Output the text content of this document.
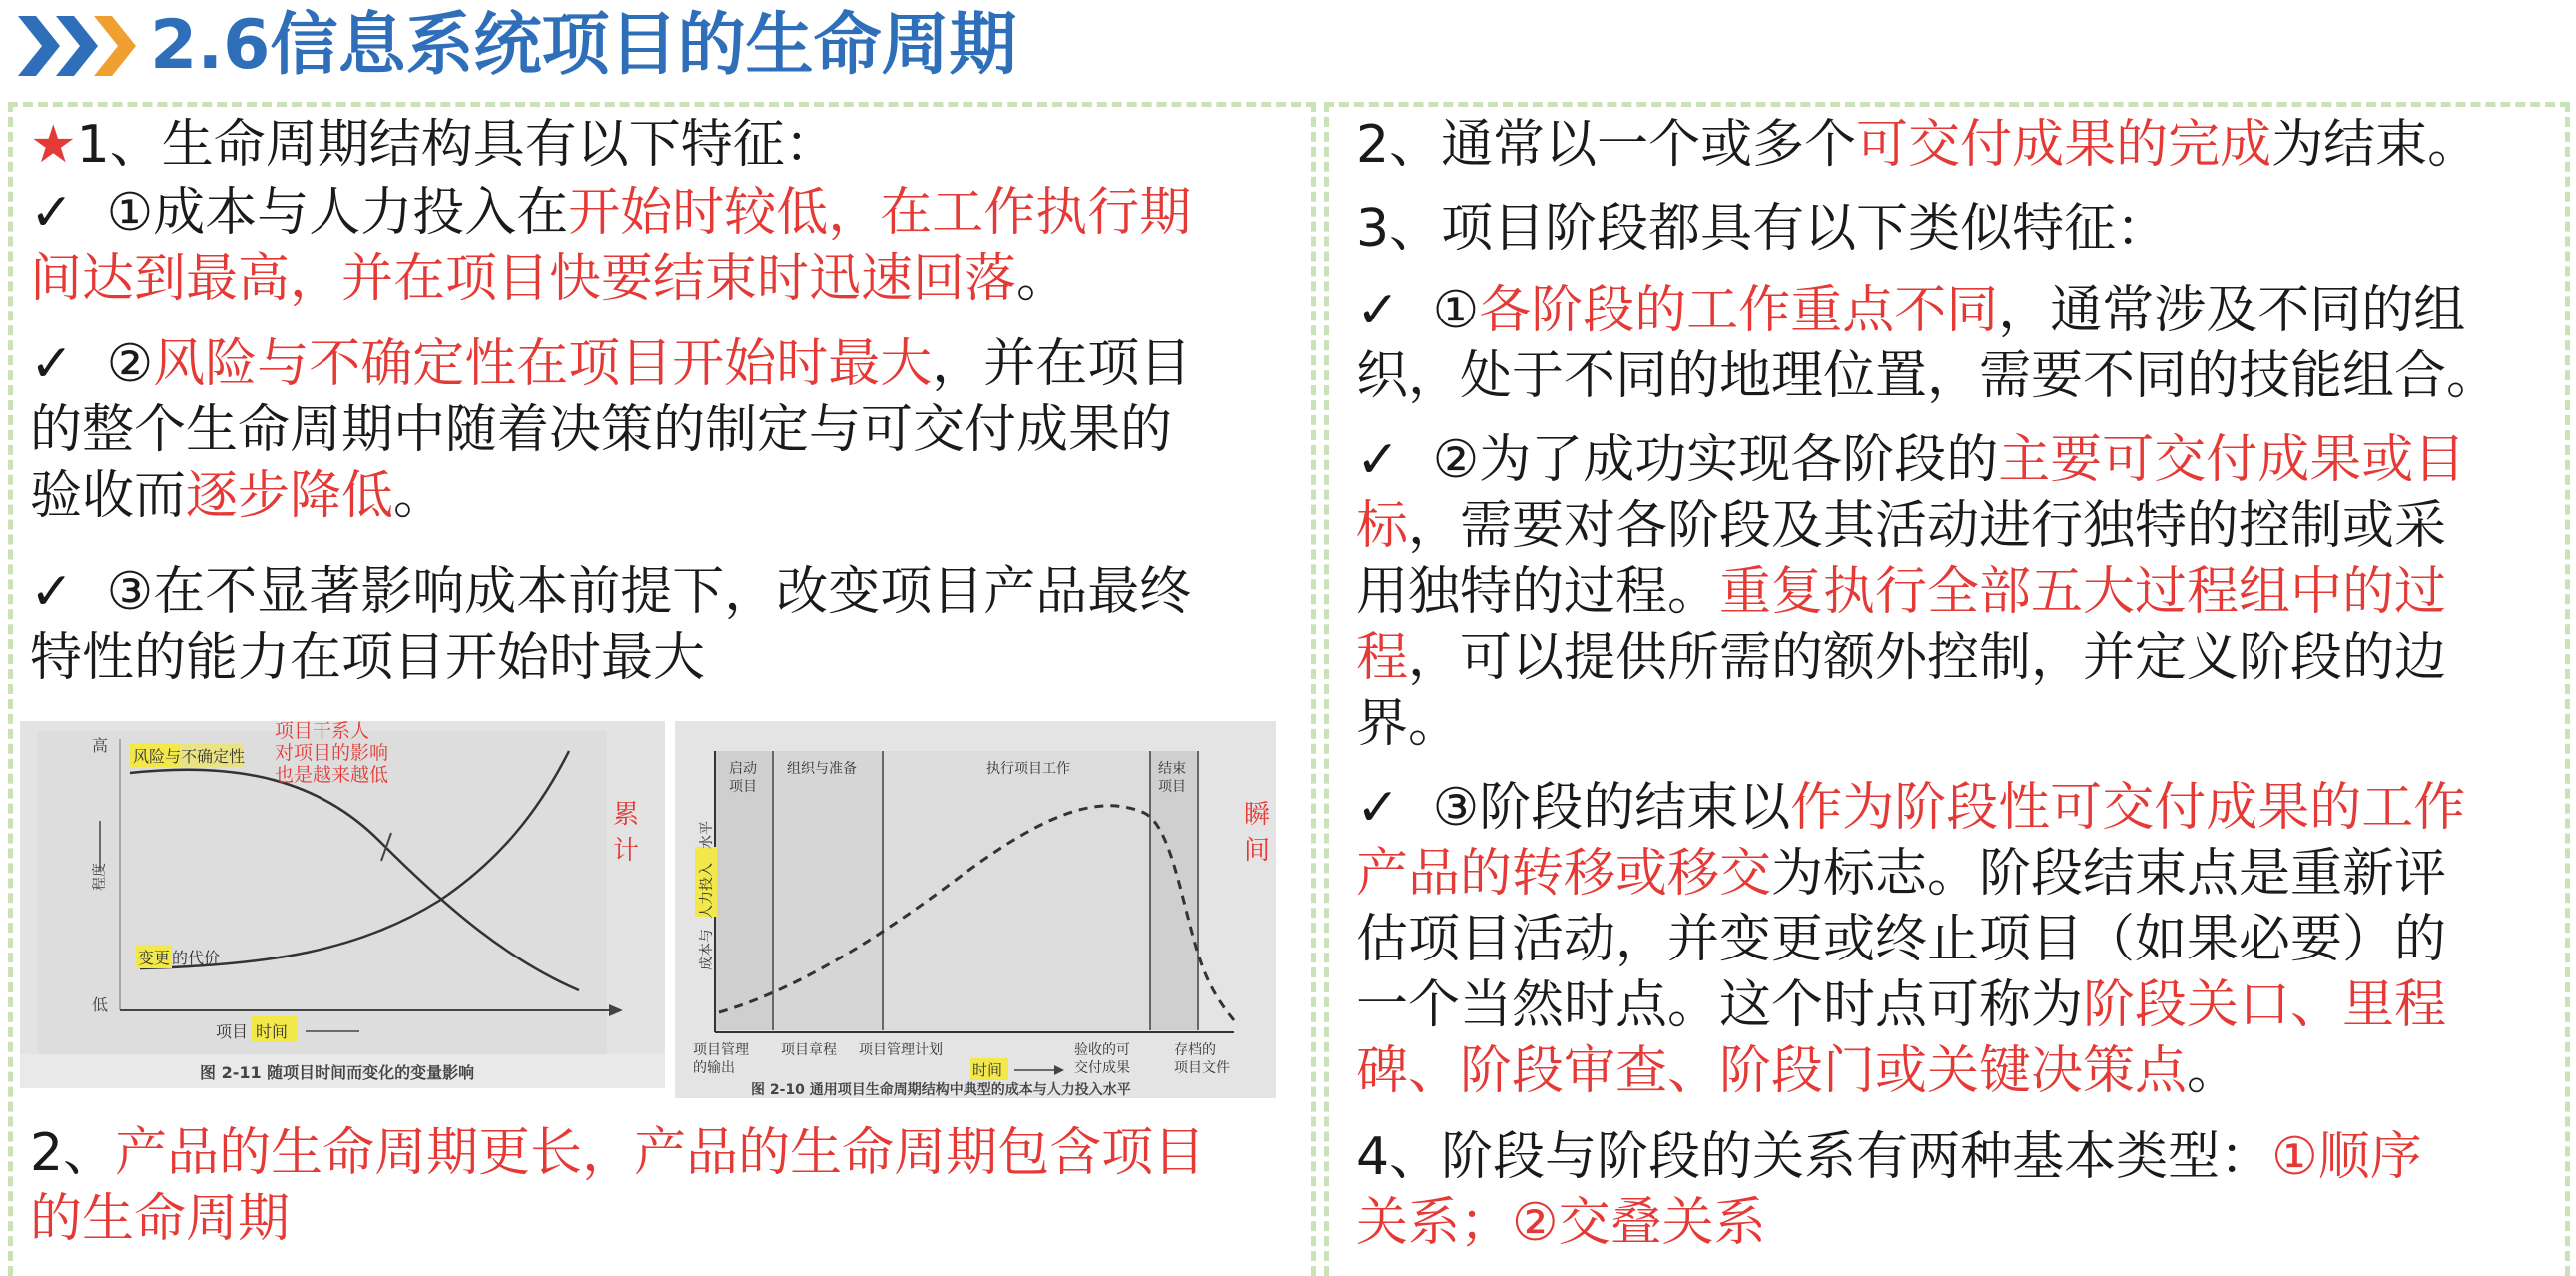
2.6信息系统项目的生命周期
★1、生命周期结构具有以下特征：
✓ ①成本与人力投入在开始时较低，在工作执行期
间达到最高，并在项目快要结束时迅速回落。
✓ ②风险与不确定性在项目开始时最大，并在项目
的整个生命周期中随着决策的制定与可交付成果的
验收而逐步降低。
✓ ③在不显著影响成本前提下，改变项目产品最终
特性的能力在项目开始时最大
风险与 不确定性
变更 的代价
项目干系人
对项目的影响
也是越来越低
高
低
程度
项目 时间
累
计
图 2-11 随项目时间而变化的变量影响
启动
项目
组织与准备	执行项目工作	结束
项目
成本与
人力投入
水平
项目管理
的输出
项目章程 项目管理计划	验收的可
交付成果
存档的
项目文件
时间
瞬
间
图 2-10 通用项目生命周期结构中典型的成本与人力投入水平
2、产品的生命周期更长，产品的生命周期包含项目
的生命周期
2、通常以一个或多个可交付成果的完成为结束。
3、项目阶段都具有以下类似特征：
✓ ①各阶段的工作重点不同，通常涉及不同的组
织，处于不同的地理位置，需要不同的技能组合。
✓ ②为了成功实现各阶段的主要可交付成果或目
标，需要对各阶段及其活动进行独特的控制或采
用独特的过程。重复执行全部五大过程组中的过
程，可以提供所需的额外控制，并定义阶段的边
界。
✓ ③阶段的结束以作为阶段性可交付成果的工作
产品的转移或移交为标志。阶段结束点是重新评
估项目活动，并变更或终止项目（如果必要）的
一个当然时点。这个时点可称为阶段关口、里程
碑、阶段审查、阶段门或关键决策点。
4、阶段与阶段的关系有两种基本类型：①顺序
关系；②交叠关系
